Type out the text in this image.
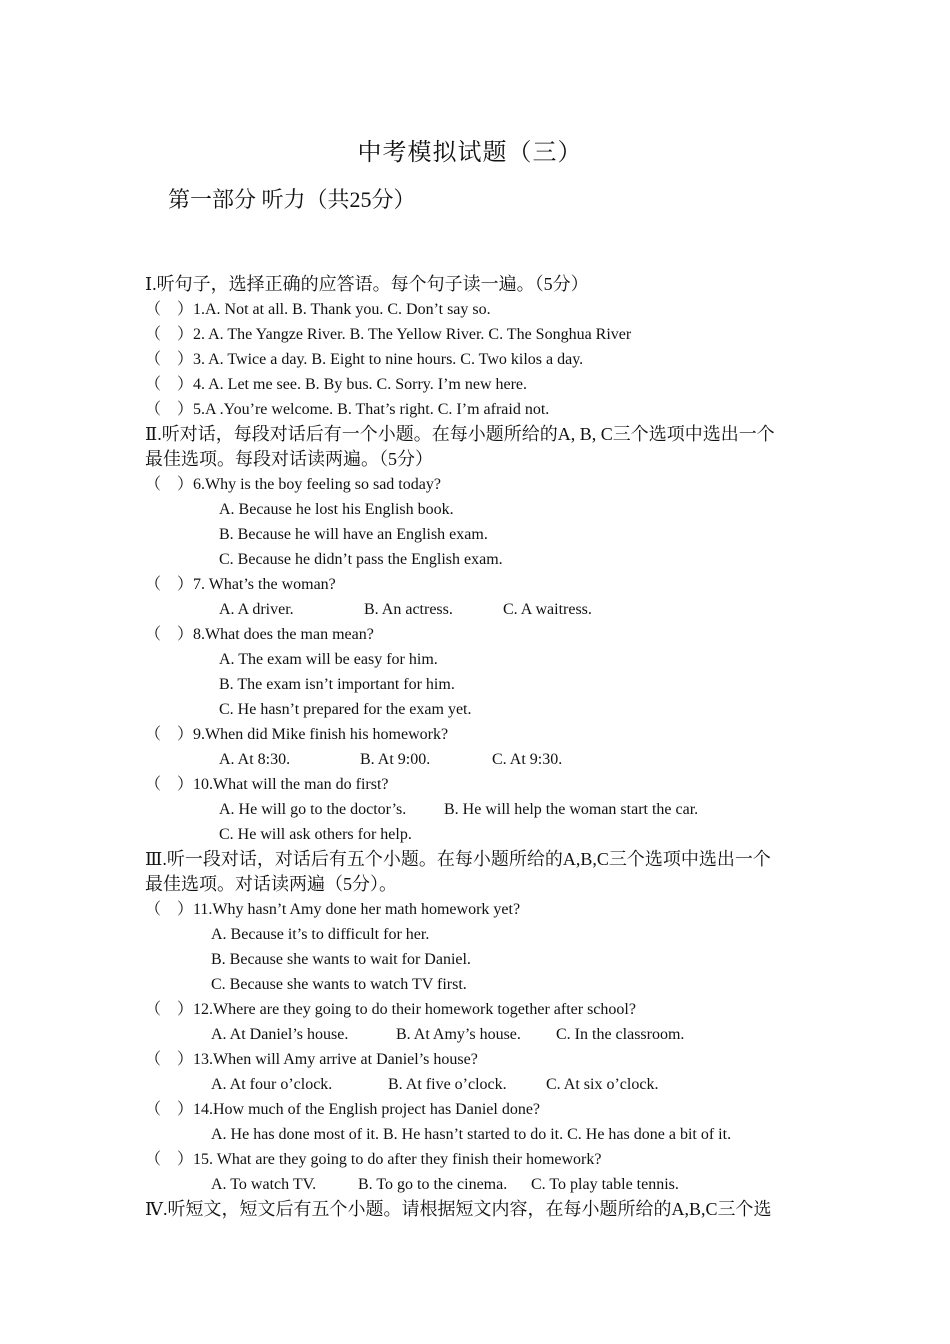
中考模拟试题（三）
第一部分 听力（共25分）

Ⅰ.听句子，选择正确的应答语。每个句子读一遍。（5分）

（　）1.A. Not at all. B. Thank you. C. Don’t say so.
（　）2. A. The Yangze River. B. The Yellow River. C. The Songhua River
（　）3. A. Twice a day. B. Eight to nine hours. C. Two kilos a day.
（　）4. A. Let me see. B. By bus. C. Sorry. I’m new here.
（　）5.A .You’re welcome. B. That’s right. C. I’m afraid not.

Ⅱ.听对话，每段对话后有一个小题。在每小题所给的A, B, C三个选项中选出一个

最佳选项。每段对话读两遍。（5分）

（　）6.Why is the boy feeling so sad today?
A. Because he lost his English book.
B. Because he will have an English exam.
C. Because he didn’t pass the English exam.
（　）7. What’s the woman?
A. A driver.	B. An actress.	C. A waitress.
（　）8.What does the man mean?
A. The exam will be easy for him.
B. The exam isn’t important for him.
C. He hasn’t prepared for the exam yet.
（　）9.When did Mike finish his homework?
A. At 8:30.	B. At 9:00.	C. At 9:30.
（　）10.What will the man do first?
A. He will go to the doctor’s. B. He will help the woman start the car.
C. He will ask others for help.

Ⅲ.听一段对话，对话后有五个小题。在每小题所给的A,B,C三个选项中选出一个

最佳选项。对话读两遍（5分）。

（　）11.Why hasn’t Amy done her math homework yet?
A. Because it’s to difficult for her.
B. Because she wants to wait for Daniel.
C. Because she wants to watch TV first.
（　）12.Where are they going to do their homework together after school?
A. At Daniel’s house.	B. At Amy’s house. C. In the classroom.
（　）13.When will Amy arrive at Daniel’s house?
A. At four o’clock.	B. At five o’clock. C. At six o’clock.
（　）14.How much of the English project has Daniel done?
A. He has done most of it. B. He hasn’t started to do it. C. He has done a bit of it.
（　）15. What are they going to do after they finish their homework?
A. To watch TV.	B. To go to the cinema. C. To play table tennis.

Ⅳ.听短文，短文后有五个小题。请根据短文内容，在每小题所给的A,B,C三个选
